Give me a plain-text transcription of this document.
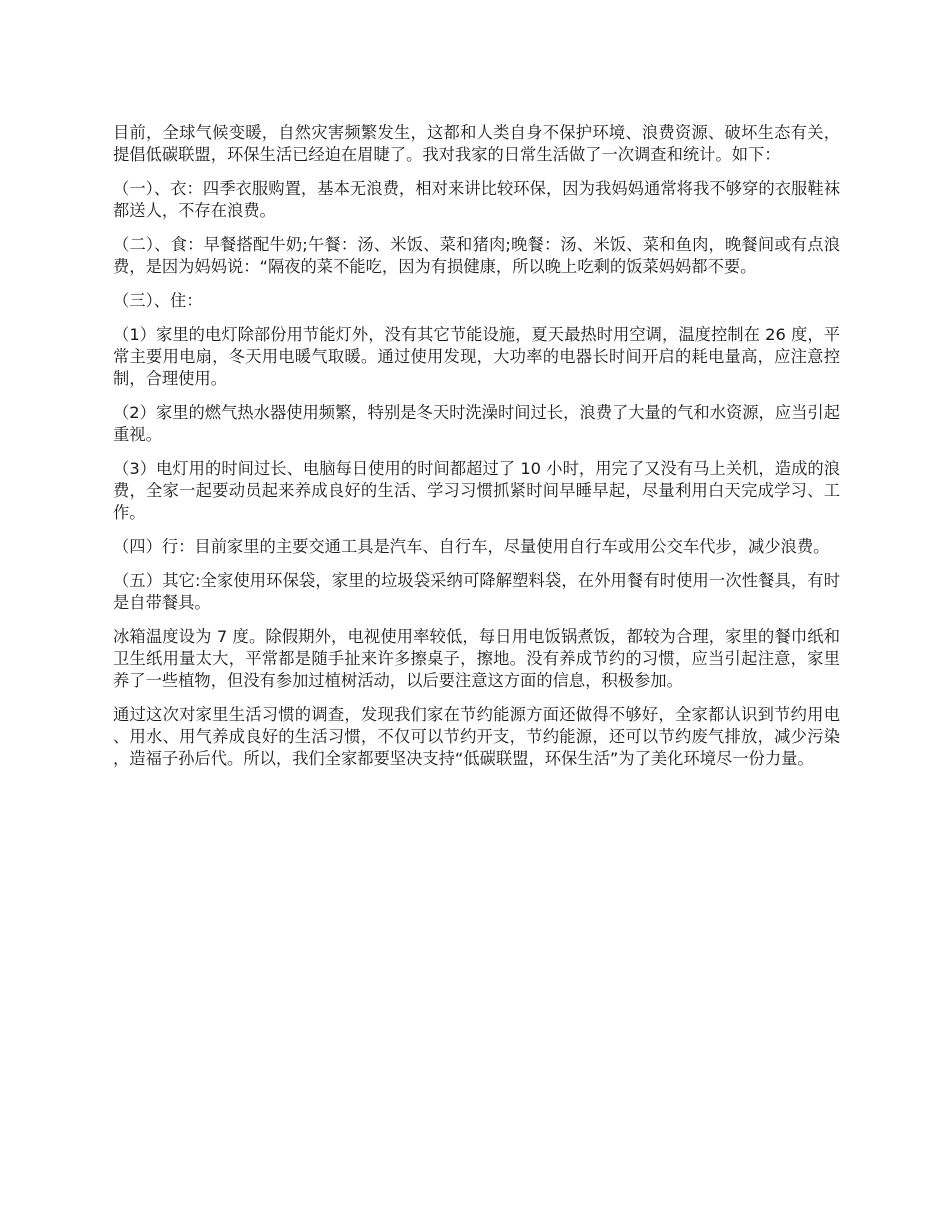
目前，全球气候变暖，自然灾害频繁发生，这都和人类自身不保护环境、浪费资源、破坏生态有关，提倡低碳联盟，环保生活已经迫在眉睫了。我对我家的日常生活做了一次调查和统计。如下：

（一）、衣：四季衣服购置，基本无浪费，相对来讲比较环保，因为我妈妈通常将我不够穿的衣服鞋袜都送人，不存在浪费。

（二）、食：早餐搭配牛奶;午餐：汤、米饭、菜和猪肉;晚餐：汤、米饭、菜和鱼肉，晚餐间或有点浪费，是因为妈妈说：“隔夜的菜不能吃，因为有损健康，所以晚上吃剩的饭菜妈妈都不要。

（三）、住：

（1）家里的电灯除部份用节能灯外，没有其它节能设施，夏天最热时用空调，温度控制在 26 度，平常主要用电扇，冬天用电暖气取暖。通过使用发现，大功率的电器长时间开启的耗电量高，应注意控制，合理使用。

（2）家里的燃气热水器使用频繁，特别是冬天时洗澡时间过长，浪费了大量的气和水资源，应当引起重视。

（3）电灯用的时间过长、电脑每日使用的时间都超过了 10 小时，用完了又没有马上关机，造成的浪费，全家一起要动员起来养成良好的生活、学习习惯抓紧时间早睡早起，尽量利用白天完成学习、工作。

（四）行：目前家里的主要交通工具是汽车、自行车，尽量使用自行车或用公交车代步，减少浪费。

（五）其它:全家使用环保袋，家里的垃圾袋采纳可降解塑料袋，在外用餐有时使用一次性餐具，有时是自带餐具。

冰箱温度设为 7 度。除假期外，电视使用率较低，每日用电饭锅煮饭，都较为合理，家里的餐巾纸和卫生纸用量太大，平常都是随手扯来许多擦桌子，擦地。没有养成节约的习惯，应当引起注意，家里养了一些植物，但没有参加过植树活动，以后要注意这方面的信息，积极参加。

通过这次对家里生活习惯的调查，发现我们家在节约能源方面还做得不够好，全家都认识到节约用电、用水、用气养成良好的生活习惯，不仅可以节约开支，节约能源，还可以节约废气排放，减少污染，造福子孙后代。所以，我们全家都要坚决支持“低碳联盟，环保生活”为了美化环境尽一份力量。
